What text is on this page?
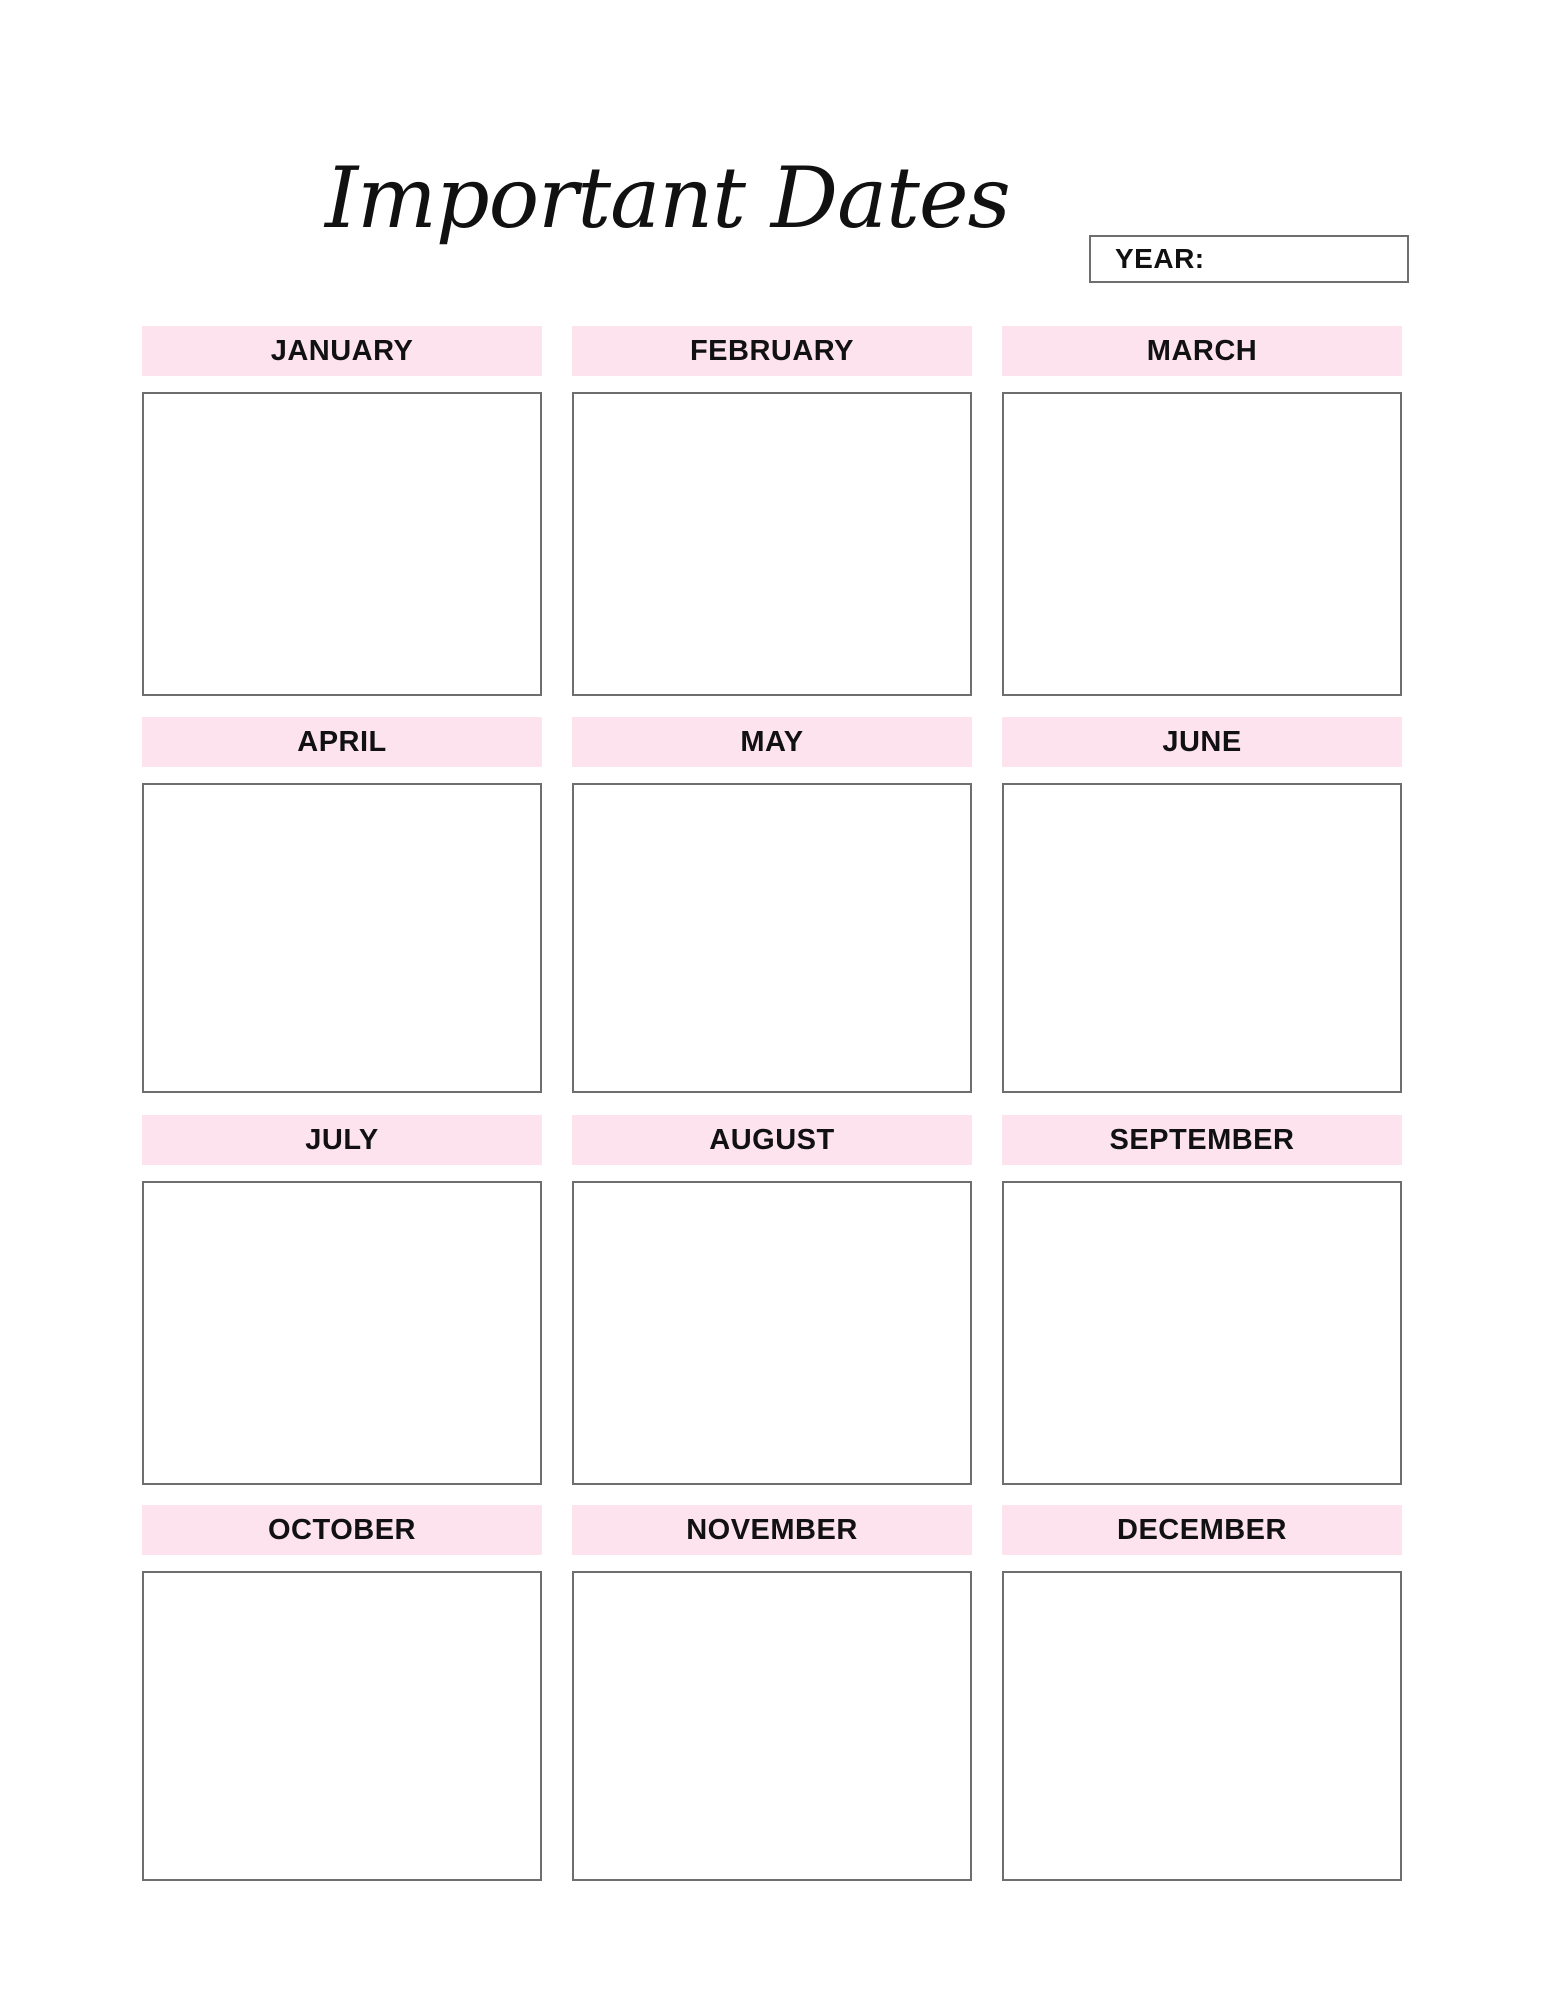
Important Dates
YEAR:
JANUARY	FEBRUARY	MARCH
APRIL	MAY	JUNE
JULY	AUGUST	SEPTEMBER
OCTOBER	NOVEMBER	DECEMBER
